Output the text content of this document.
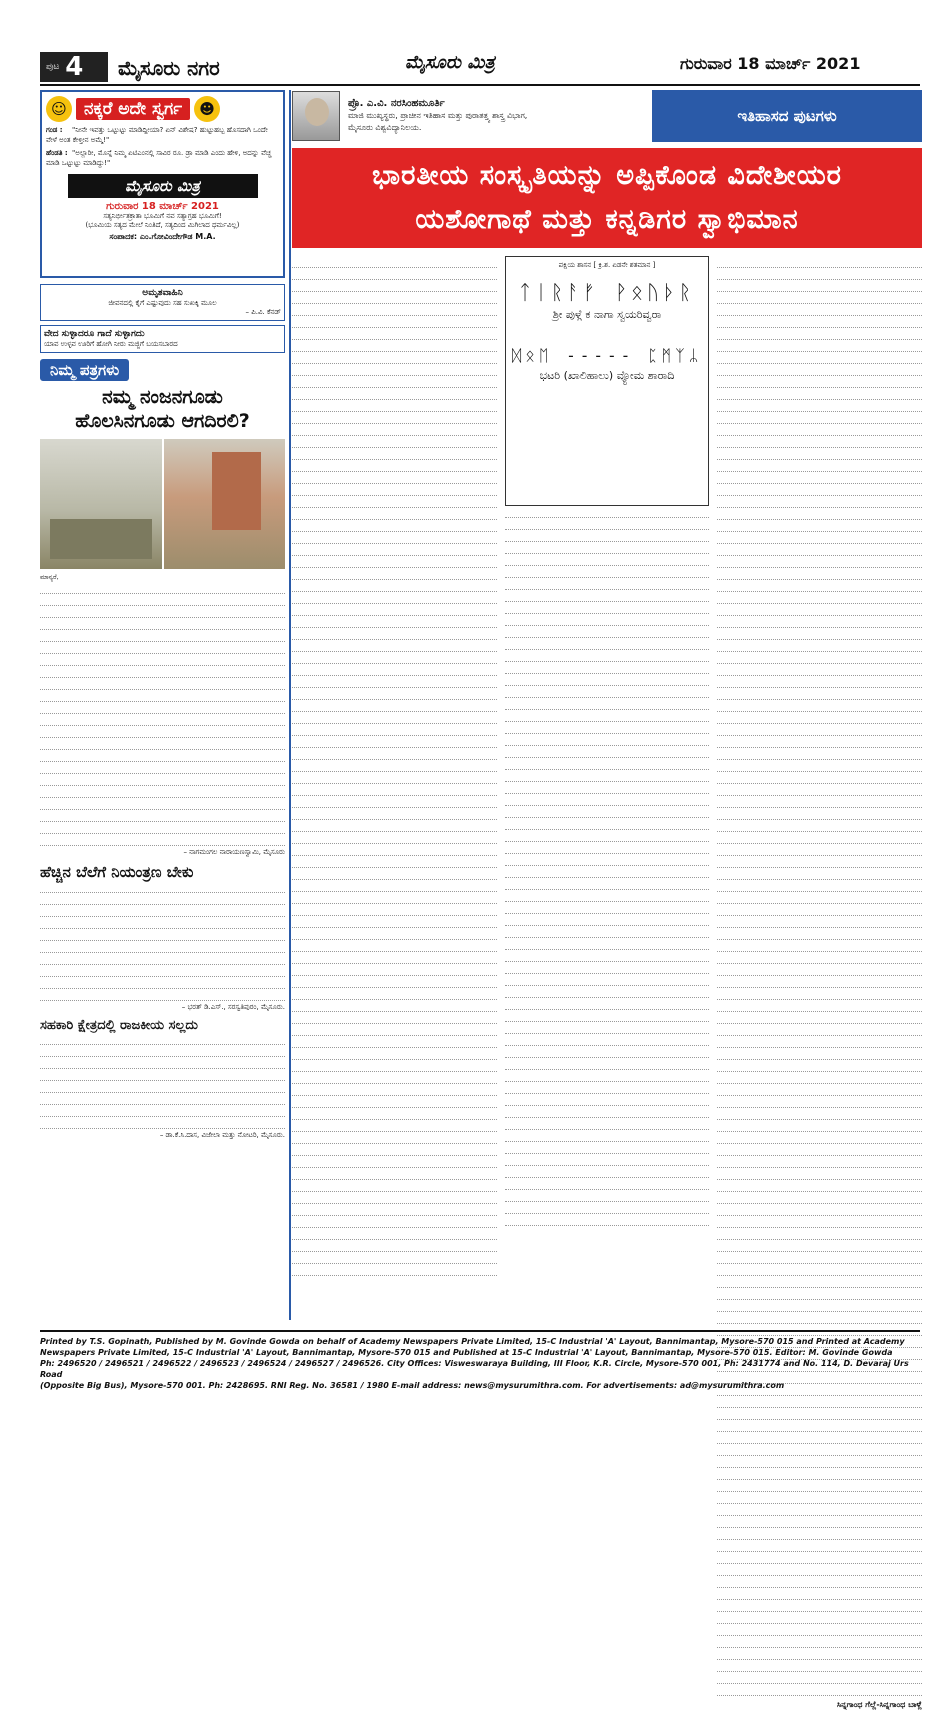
ಪುಟ 4 ಮೈಸೂರು ನಗರ	ಮೈಸೂರು ಮಿತ್ರ	ಗುರುವಾರ 18 ಮಾರ್ಚ್ 2021
☺	ನಕ್ಕರೆ ಅದೇ ಸ್ವರ್ಗ	☻
ಗಂಡ : "ನೀನೇ ಇವತ್ತು ಒಟ್ಟುಟ್ಟು ಮಾಡಿದ್ದೀಯಾ? ಏನ್ ವಿಶೇಷ? ಹುಟ್ಟುಹಬ್ಬ ಹೊಸದಾಗಿ ಒಂದೇ ವೇಳೆ ಅಂತ ಕೇಳ್ತೀನ ಅಮ್ಮೆ!"
ಹೆಂಡತಿ : "ಅಲ್ಲಾರೀ, ಮೊನ್ನೆ ನಿಮ್ಮ ಏಟಿಎಂನಲ್ಲಿ ಸಾವಿರ ರೂ. ಡ್ರಾ ಮಾಡಿ ಎಂದು ಹೇಳಿ, ಅದನ್ನು ವೆಚ್ಚ ಮಾಡಿ ಒಟ್ಟುಟ್ಟು ಮಾಡಿದ್ದು!"
ಮೈಸೂರು ಮಿತ್ರ
ಗುರುವಾರ 18 ಮಾರ್ಚ್ 2021
ಸತ್ಯನಿರ್ಭೀತಕ್ರಾತಾ ಭೂಮಿಗೆ ನವ ಸತ್ಯಾಗ್ರಹ ಭೂಮಿಗೆ!
(ಭೂಮಿಯ ಸತ್ಯದ ಮೇಲೆ ನಿಂತಿದೆ, ಸತ್ಯದಿಂದ ಮಿಗಿಲಾದ ಧರ್ಮವಿಲ್ಲ)
ಸಂಪಾದಕ: ಎಂ.ಗೋವಿಂದೇಗೌಡ M.A.
ಅಮೃತವಾಹಿನಿ
ಜೀವನದಲ್ಲಿ ಕೈಗೆ ಎಷ್ಟುವುದು ಸಹ ಸುಖಕ್ಕಿ ಮೂಲ
– ಪಿ.ವಿ. ಕೆನಡ್
ವೇದ ಸುಳ್ಳಾದರೂ ಗಾದೆ ಸುಳ್ಳಾಗದು
ಯಾವ ಉಳ್ಳವ ಊರಿಗೆ ಹೋಗಿ ನೀರು ಮಜ್ಜಿಗೆ ಬಯಸಬಾರದ
ನಿಮ್ಮ ಪತ್ರಗಳು
ನಮ್ಮ ನಂಜನಗೂಡು
ಹೊಲಸಿನಗೂಡು ಆಗದಿರಲಿ?
ಮಾನ್ಯರೆ,
– ನಾಗಮಂಗಲ ನಾರಾಯಣಸ್ವಾಮಿ, ಮೈಸೂರು
ಹೆಚ್ಚಿನ ಬೆಲೆಗೆ ನಿಯಂತ್ರಣ ಬೇಕು
– ಭರತ್ ಡಿ.ಎಸ್., ಸರಸ್ವತಿಪುರಂ, ಮೈಸೂರು.
ಸಹಕಾರಿ ಕ್ಷೇತ್ರದಲ್ಲಿ ರಾಜಕೀಯ ಸಲ್ಲದು
– ಡಾ.ಕೆ.ಸಿ.ದಾಸ, ವಿಜೇಲಾ ಮತ್ತು ನೋಟರಿ, ಮೈಸೂರು.
ಪ್ರೊ. ಎ.ವಿ. ನರಸಿಂಹಮೂರ್ತಿ
ಮಾಜಿ ಮುಖ್ಯಸ್ಥರು, ಪ್ರಾಚೀನ ಇತಿಹಾಸ ಮತ್ತು ಪುರಾತತ್ತ್ವ ಶಾಸ್ತ್ರ ವಿಭಾಗ,
ಮೈಸೂರು ವಿಶ್ವವಿದ್ಯಾನಿಲಯ.
ಇತಿಹಾಸದ ಪುಟಗಳು
ಭಾರತೀಯ ಸಂಸ್ಕೃತಿಯನ್ನು ಅಪ್ಪಿಕೊಂಡ ವಿದೇಶೀಯರ
ಯಶೋಗಾಥೆ ಮತ್ತು ಕನ್ನಡಿಗರ ಸ್ವಾಭಿಮಾನ
ಪಕ್ಷಿಯ ಶಾಸನ [ ಕ್ರಿ.ಶ. ಏಡನೇ ಶತಮಾನ ]
ᛏᛁᚱᚨᚠ ᚹᛟᚢᚦᚱ
ಶ್ರೀ ಪುಳ್ಗೆ ಕ ನಾಗಾ ಸ್ವಯರಿವ್ವರಾ
ᛞᛟᛖ ----- ᛈᛗᛉᛦ
ಭಟರಿ (ಖಾಲಿಹಾಲು) ವ್ಯೋಮ ಶಾರಾದಿ
ಸಿನ್ನಗಾಂಧ ಗೆಲ್ಲೆ-ಸಿನ್ನಗಾಂಧ ಬಾಳ್ಲೆ

Printed by T.S. Gopinath, Published by M. Govinde Gowda on behalf of Academy Newspapers Private Limited, 15-C Industrial 'A' Layout, Bannimantap, Mysore-570 015 and Printed at Academy

Newspapers Private Limited, 15-C Industrial 'A' Layout, Bannimantap, Mysore-570 015 and Published at 15-C Industrial 'A' Layout, Bannimantap, Mysore-570 015. Editor: M. Govinde Gowda

Ph: 2496520 / 2496521 / 2496522 / 2496523 / 2496524 / 2496527 / 2496526. City Offices: Visweswaraya Building, III Floor, K.R. Circle, Mysore-570 001, Ph: 2431774 and No. 114, D. Devaraj Urs Road

(Opposite Big Bus), Mysore-570 001. Ph: 2428695. RNI Reg. No. 36581 / 1980 E-mail address: news@mysurumithra.com. For advertisements: ad@mysurumithra.com
